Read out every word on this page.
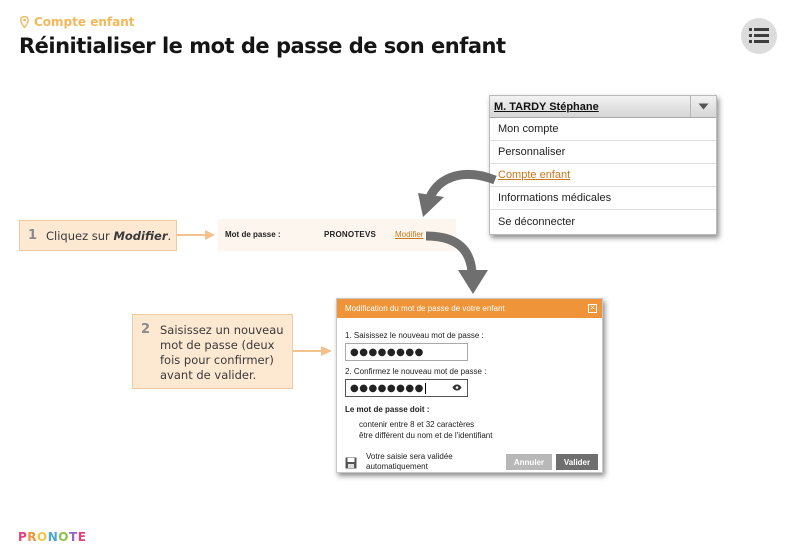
Compte enfant
Réinitialiser le mot de passe de son enfant
M. TARDY Stéphane
Mon compte
Personnaliser
Compte enfant
Informations médicales
Se déconnecter
1 Cliquez sur Modifier.	Mot de passe :	PRONOTEVS Modifier
2 Saisissez un nouveau mot de passe (deux fois pour confirmer) avant de valider.
Modification du mot de passe de votre enfant	✕
1. Saisissez le nouveau mot de passe :
●●●●●●●●
2. Confirmez le nouveau mot de passe :
●●●●●●●●
Le mot de passe doit :
contenir entre 8 et 32 caractères
être différent du nom et de l'identifiant
Votre saisie sera validée
automatiquement	Annuler	Valider
P R O N O T E
